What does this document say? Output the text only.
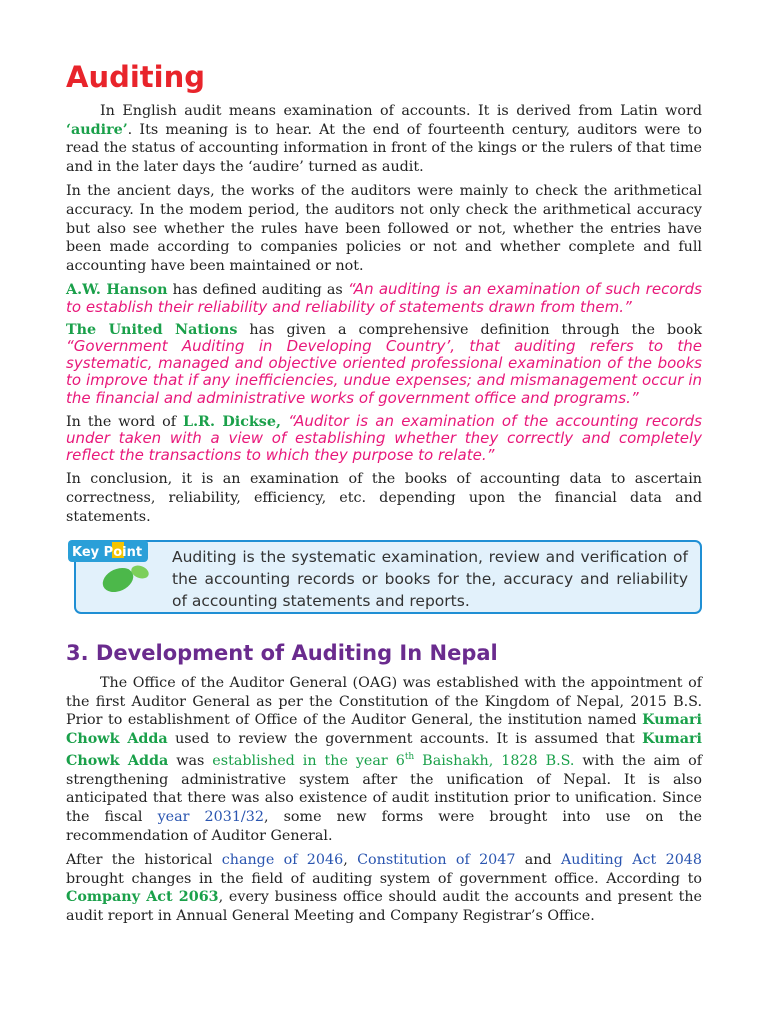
Auditing

In English audit means examination of accounts. It is derived from Latin word ‘audire’. Its meaning is to hear. At the end of fourteenth century, auditors were to read the status of accounting information in front of the kings or the rulers of that time and in the later days the ‘audire’ turned as audit.

In the ancient days, the works of the auditors were mainly to check the arithmetical accuracy. In the modem period, the auditors not only check the arithmetical accuracy but also see whether the rules have been followed or not, whether the entries have been made according to companies policies or not and whether complete and full accounting have been maintained or not.

A.W. Hanson has defined auditing as “An auditing is an examination of such records to establish their reliability and reliability of statements drawn from them.”

The United Nations has given a comprehensive definition through the book “Government Auditing in Developing Country’, that auditing refers to the systematic, managed and objective oriented professional examination of the books to improve that if any inefficiencies, undue expenses; and mismanagement occur in the financial and administrative works of government office and programs.”

In the word of L.R. Dickse, “Auditor is an examination of the accounting records under taken with a view of establishing whether they correctly and completely reflect the transactions to which they purpose to relate.”

In conclusion, it is an examination of the books of accounting data to ascertain correctness, reliability, efficiency, etc. depending upon the financial data and statements.

Key Point Auditing is the systematic examination, review and verification of the accounting records or books for the, accuracy and reliability of accounting statements and reports.
3. Development of Auditing In Nepal

The Office of the Auditor General (OAG) was established with the appointment of the first Auditor General as per the Constitution of the Kingdom of Nepal, 2015 B.S. Prior to establishment of Office of the Auditor General, the institution named Kumari Chowk Adda used to review the government accounts. It is assumed that Kumari Chowk Adda was established in the year 6th Baishakh, 1828 B.S. with the aim of strengthening administrative system after the unification of Nepal. It is also anticipated that there was also existence of audit institution prior to unification. Since the fiscal year 2031/32, some new forms were brought into use on the recommendation of Auditor General.

After the historical change of 2046, Constitution of 2047 and Auditing Act 2048 brought changes in the field of auditing system of government office. According to Company Act 2063, every business office should audit the accounts and present the audit report in Annual General Meeting and Company Registrar’s Office.
